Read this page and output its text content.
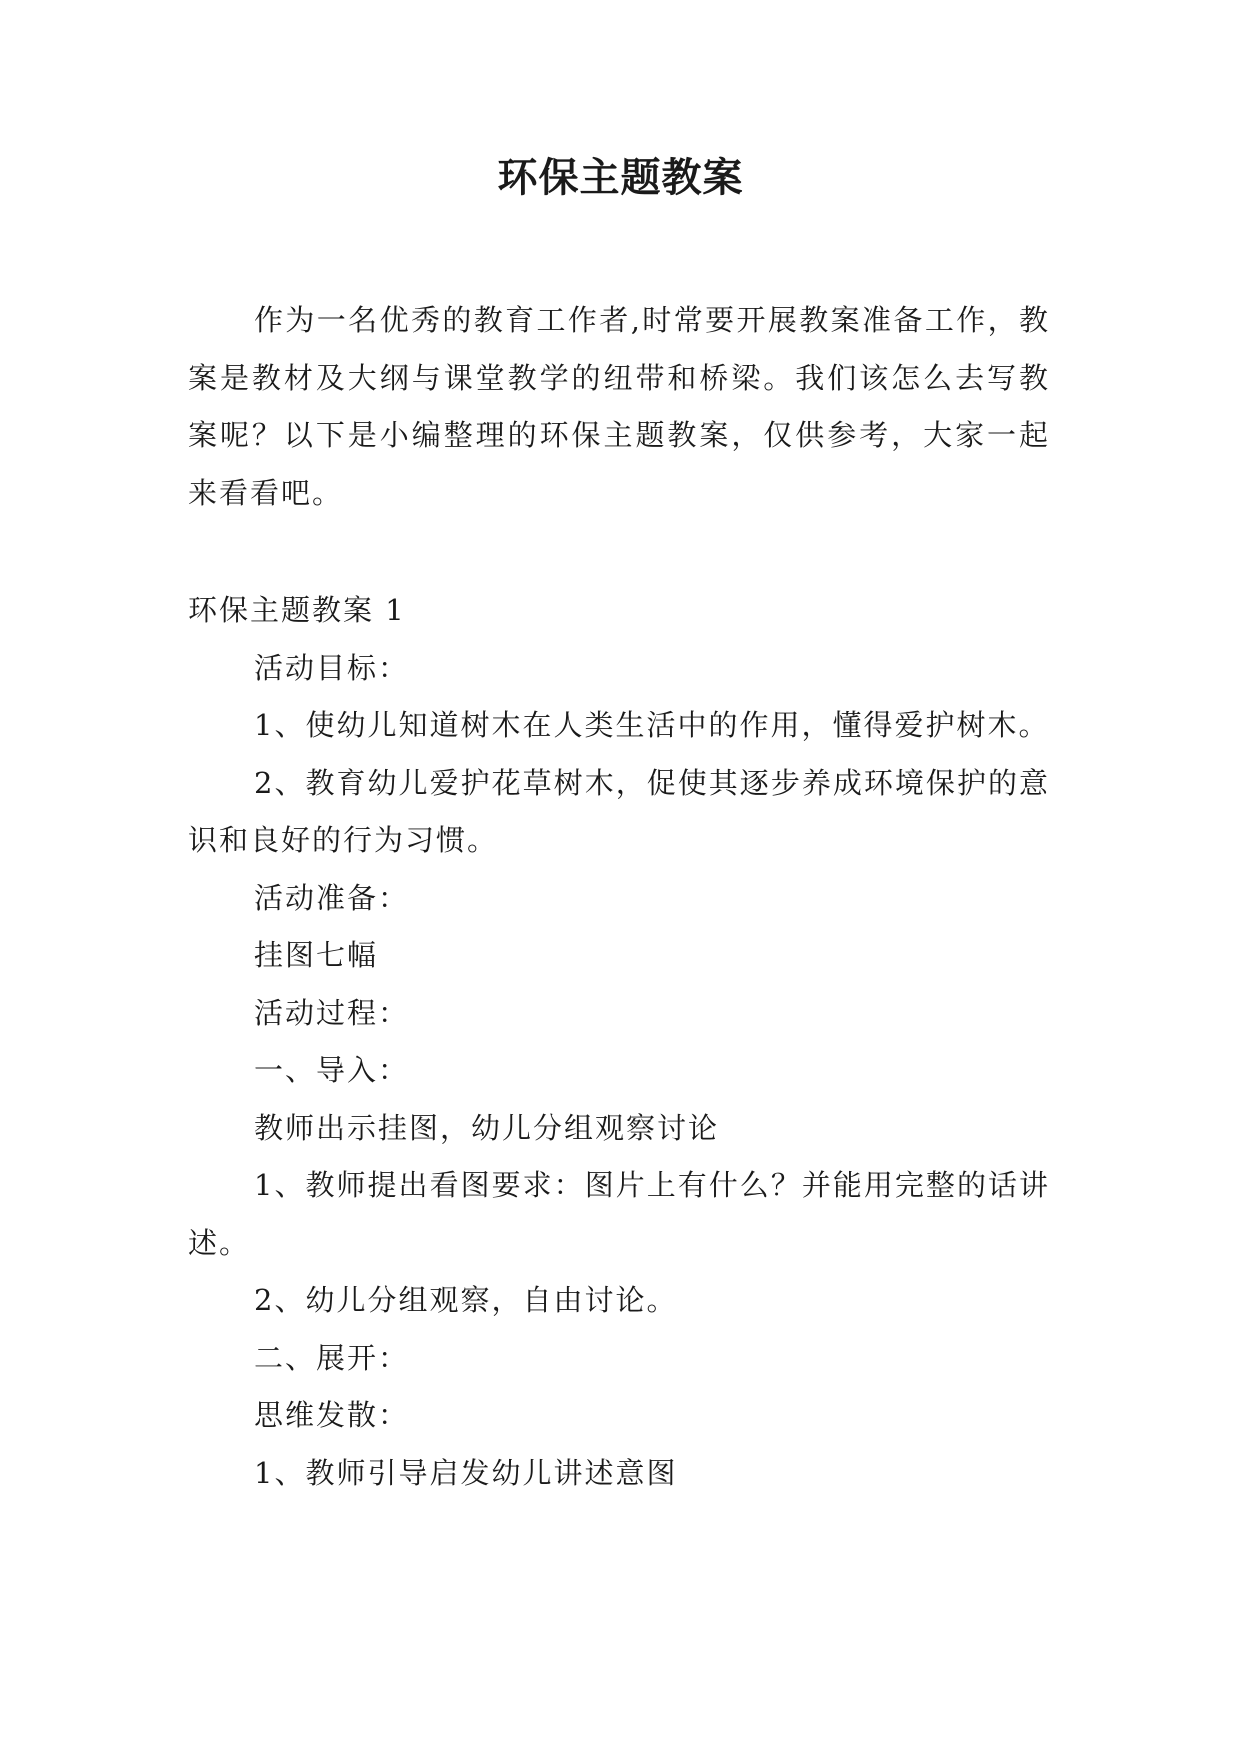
环保主题教案

作为一名优秀的教育工作者,时常要开展教案准备工作，教案是教材及大纲与课堂教学的纽带和桥梁。我们该怎么去写教案呢？以下是小编整理的环保主题教案，仅供参考，大家一起来看看吧。

环保主题教案 1

活动目标：

1、使幼儿知道树木在人类生活中的作用，懂得爱护树木。

2、教育幼儿爱护花草树木，促使其逐步养成环境保护的意识和良好的行为习惯。

活动准备：

挂图七幅

活动过程：

一、导入：

教师出示挂图，幼儿分组观察讨论

1、教师提出看图要求：图片上有什么？并能用完整的话讲述。

2、幼儿分组观察，自由讨论。

二、展开：

思维发散：

1、教师引导启发幼儿讲述意图
